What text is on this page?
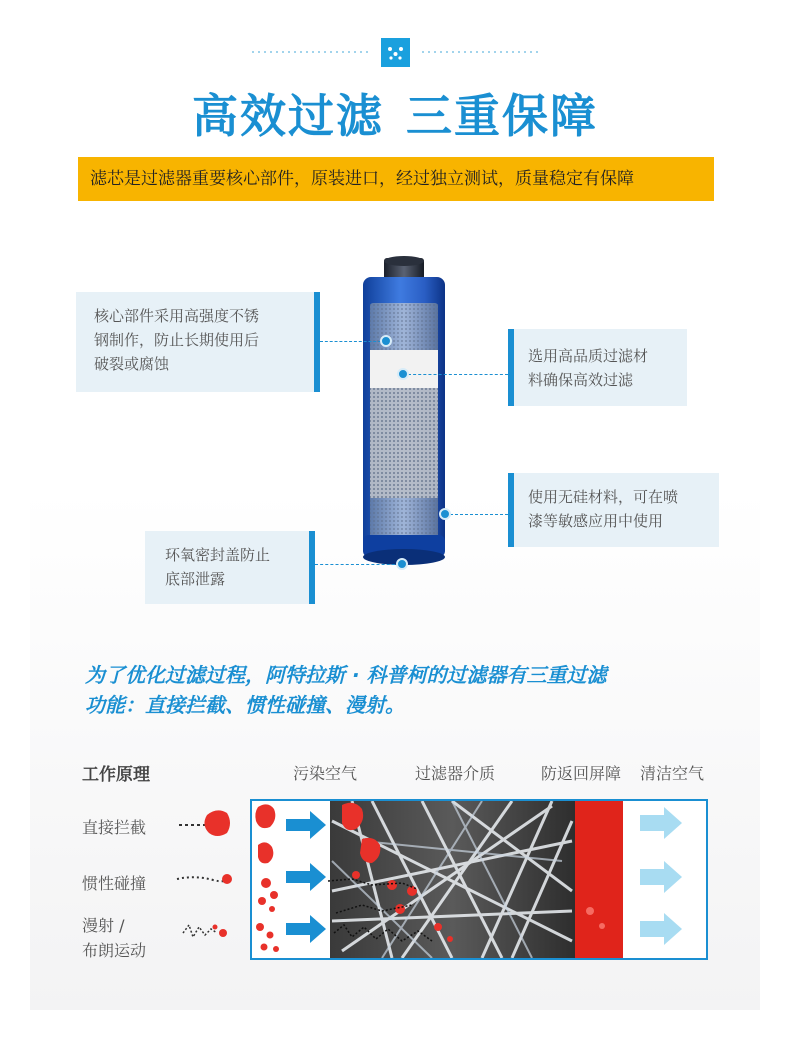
高效过滤 三重保障
滤芯是过滤器重要核心部件，原装进口，经过独立测试，质量稳定有保障
核心部件采用高强度不锈
钢制作，防止长期使用后
破裂或腐蚀	选用高品质过滤材
料确保高效过滤
使用无硅材料，可在喷
漆等敏感应用中使用
环氧密封盖防止
底部泄露
为了优化过滤过程，阿特拉斯 · 科普柯的过滤器有三重过滤
功能：直接拦截、惯性碰撞、漫射。
工作原理	污染空气	过滤器介质	防返回屏障 清洁空气
直接拦截
惯性碰撞
漫射 /
布朗运动
